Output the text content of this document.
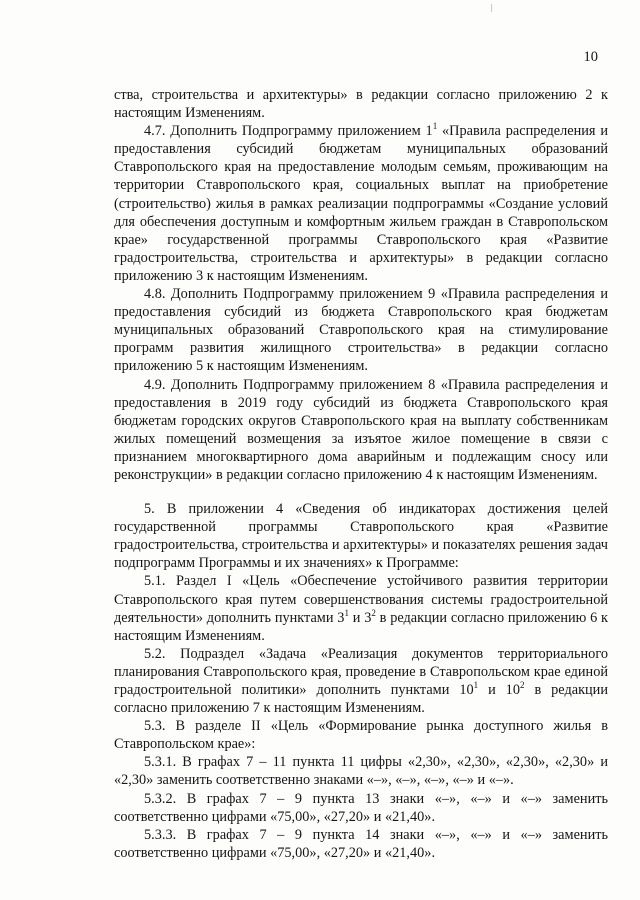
10

ства, строительства и архитектуры» в редакции согласно приложению 2 к настоящим Изменениям.

4.7. Дополнить Подпрограмму приложением $1^1$ «Правила распределения и предоставления субсидий бюджетам муниципальных образований Ставропольского края на предоставление молодым семьям, проживающим на территории Ставропольского края, социальных выплат на приобретение (строительство) жилья в рамках реализации подпрограммы «Создание условий для обеспечения доступным и комфортным жильем граждан в Ставропольском крае» государственной программы Ставропольского края «Развитие градостроительства, строительства и архитектуры» в редакции согласно приложению 3 к настоящим Изменениям.

4.8. Дополнить Подпрограмму приложением 9 «Правила распределения и предоставления субсидий из бюджета Ставропольского края бюджетам муниципальных образований Ставропольского края на стимулирование программ развития жилищного строительства» в редакции согласно приложению 5 к настоящим Изменениям.

4.9. Дополнить Подпрограмму приложением 8 «Правила распределения и предоставления в 2019 году субсидий из бюджета Ставропольского края бюджетам городских округов Ставропольского края на выплату собственникам жилых помещений возмещения за изъятое жилое помещение в связи с признанием многоквартирного дома аварийным и подлежащим сносу или реконструкции» в редакции согласно приложению 4 к настоящим Изменениям.

5. В приложении 4 «Сведения об индикаторах достижения целей государственной программы Ставропольского края «Развитие градостроительства, строительства и архитектуры» и показателях решения задач подпрограмм Программы и их значениях» к Программе:

5.1. Раздел I «Цель «Обеспечение устойчивого развития территории Ставропольского края путем совершенствования системы градостроительной деятельности» дополнить пунктами $3^1$ и $3^2$ в редакции согласно приложению 6 к настоящим Изменениям.

5.2. Подраздел «Задача «Реализация документов территориального планирования Ставропольского края, проведение в Ставропольском крае единой градостроительной политики» дополнить пунктами $10^1$ и $10^2$ в редакции согласно приложению 7 к настоящим Изменениям.

5.3. В разделе II «Цель «Формирование рынка доступного жилья в Ставропольском крае»:

5.3.1. В графах 7 – 11 пункта 11 цифры «2,30», «2,30», «2,30», «2,30» и «2,30» заменить соответственно знаками «–», «–», «–», «–» и «–».

5.3.2. В графах 7 – 9 пункта 13 знаки «–», «–» и «–» заменить соответственно цифрами «75,00», «27,20» и «21,40».

5.3.3. В графах 7 – 9 пункта 14 знаки «–», «–» и «–» заменить соответственно цифрами «75,00», «27,20» и «21,40».
